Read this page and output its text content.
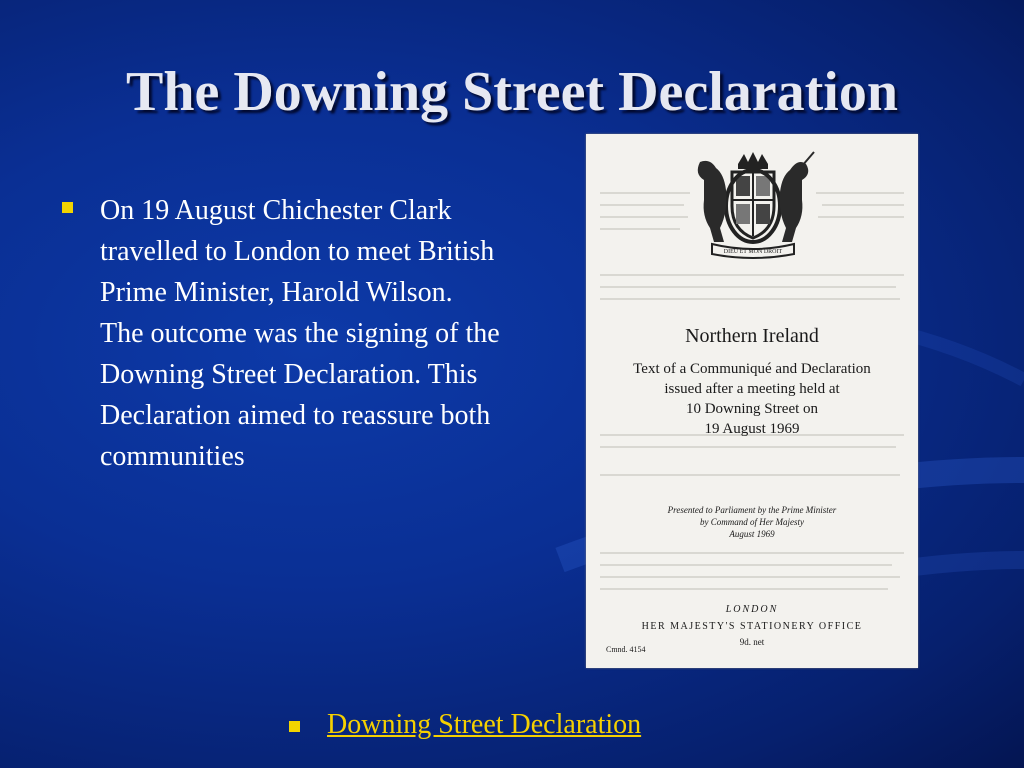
The Downing Street Declaration
On 19 August Chichester Clark travelled to London to meet British Prime Minister, Harold Wilson. The outcome was the signing of the Downing Street Declaration. This Declaration aimed to reassure both communities
DIEU ET MON DROIT
Northern Ireland
Text of a Communiqué and Declaration
issued after a meeting held at
10 Downing Street on
19 August 1969
Presented to Parliament by the Prime Minister
by Command of Her Majesty
August 1969
LONDON
HER MAJESTY'S STATIONERY OFFICE
9d. net
Cmnd. 4154
Downing Street Declaration
